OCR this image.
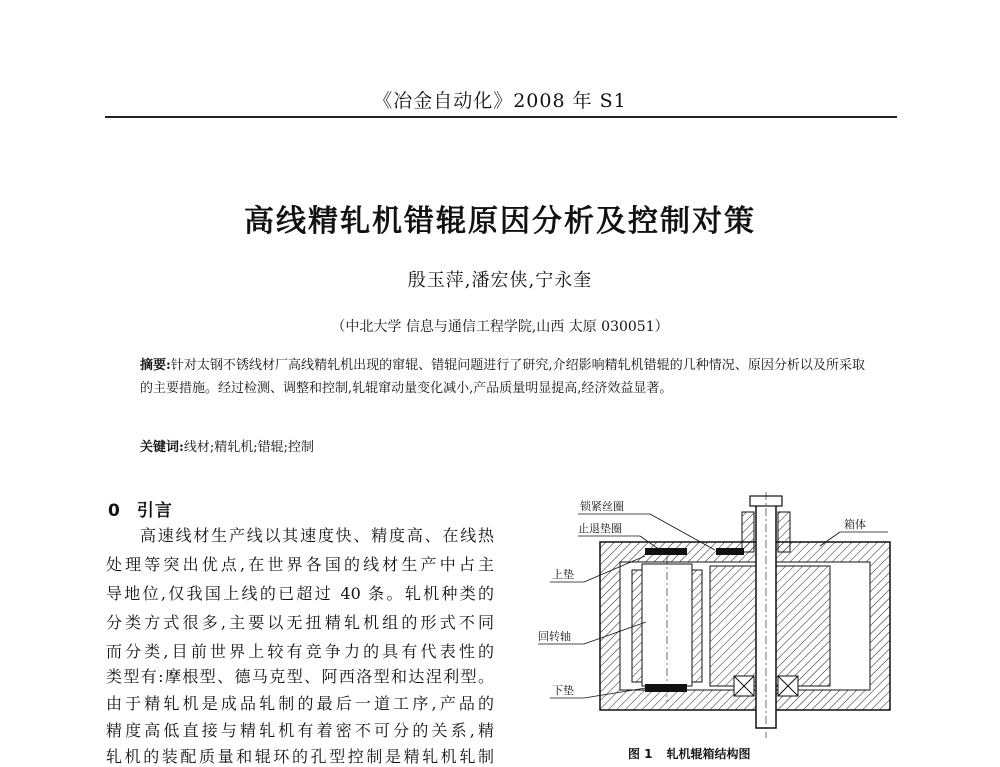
《冶金自动化》2008 年 S1
高线精轧机错辊原因分析及控制对策
殷玉萍,潘宏侠,宁永奎
（中北大学 信息与通信工程学院,山西 太原 030051）
摘要:针对太钢不锈线材厂高线精轧机出现的窜辊、错辊问题进行了研究,介绍影响精轧机错辊的几种情况、原因分析以及所采取的主要措施。经过检测、调整和控制,轧辊窜动量变化减小,产品质量明显提高,经济效益显著。
关键词:线材;精轧机;错辊;控制
0 引言
高速线材生产线以其速度快、精度高、在线热
处理等突出优点,在世界各国的线材生产中占主
导地位,仅我国上线的已超过 40 条。轧机种类的
分类方式很多,主要以无扭精轧机组的形式不同
而分类,目前世界上较有竞争力的具有代表性的
类型有:摩根型、德马克型、阿西洛型和达涅利型。
由于精轧机是成品轧制的最后一道工序,产品的
精度高低直接与精轧机有着密不可分的关系,精
轧机的装配质量和辊环的孔型控制是精轧机轧制
锁紧丝圈
止退垫圈
上垫
回转轴
下垫
箱体
图 1 轧机辊箱结构图
